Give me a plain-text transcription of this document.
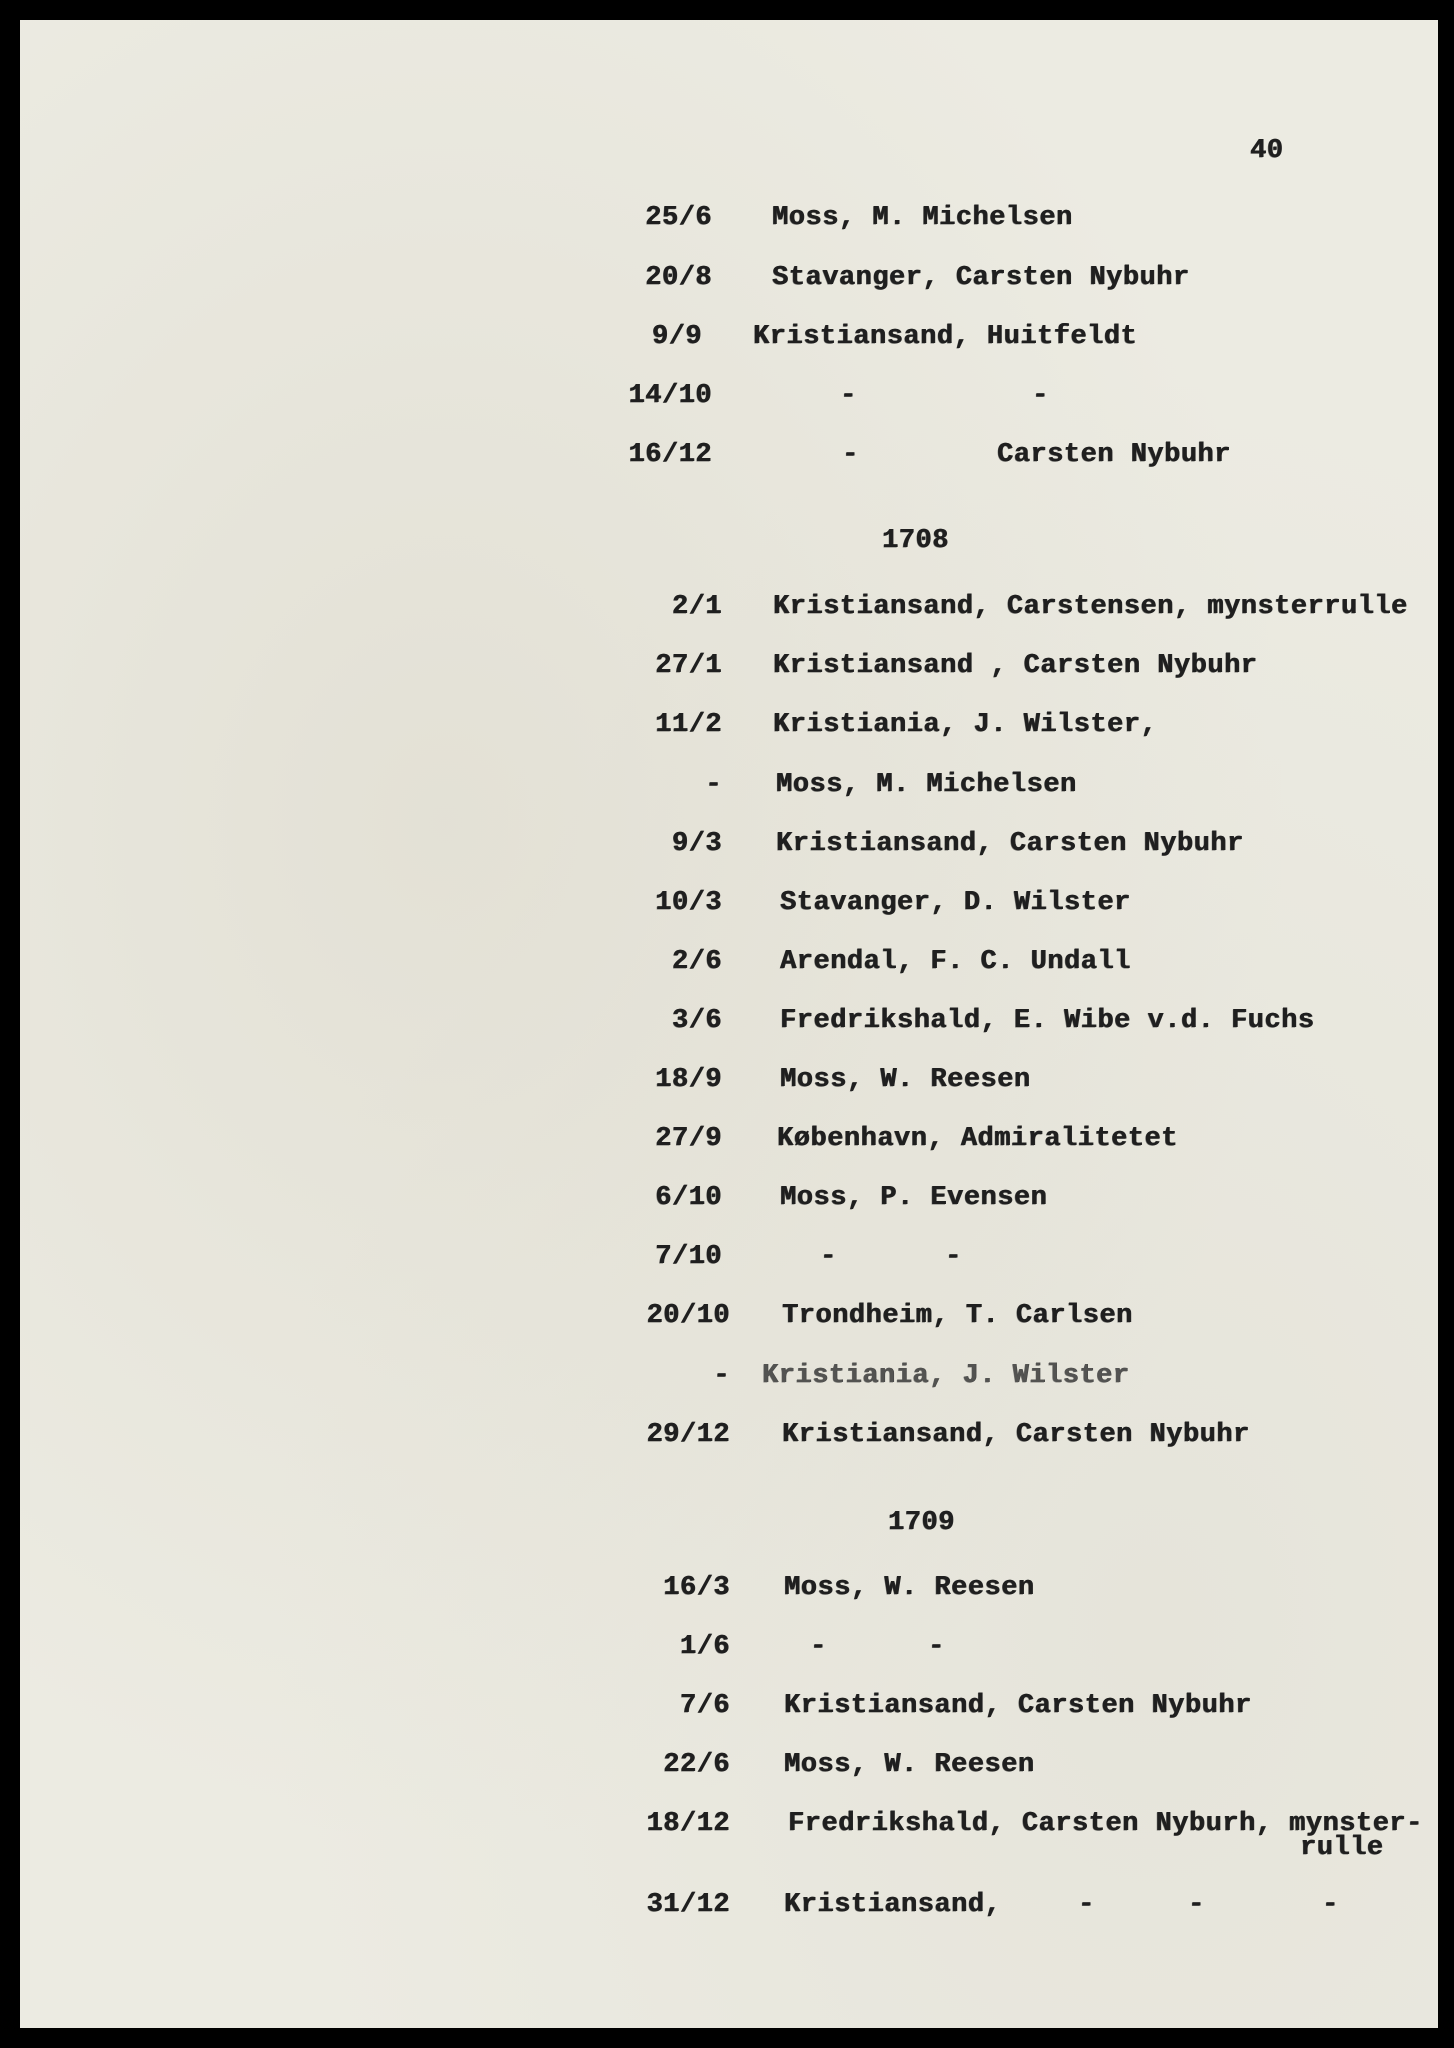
40
25/6 Moss, M. Michelsen
20/8 Stavanger, Carsten Nybuhr
9/9 Kristiansand, Huitfeldt
14/10	-	-
16/12	-	Carsten Nybuhr
1708
2/1 Kristiansand, Carstensen, mynsterrulle
27/1 Kristiansand , Carsten Nybuhr
11/2 Kristiania, J. Wilster,
- Moss, M. Michelsen
9/3 Kristiansand, Carsten Nybuhr
10/3 Stavanger, D. Wilster
2/6 Arendal, F. C. Undall
3/6 Fredrikshald, E. Wibe v.d. Fuchs
18/9 Moss, W. Reesen
27/9 København, Admiralitetet
6/10 Moss, P. Evensen
7/10	-	-
20/10 Trondheim, T. Carlsen
- Kristiania, J. Wilster
29/12 Kristiansand, Carsten Nybuhr
1709
16/3 Moss, W. Reesen
1/6	-	-
7/6 Kristiansand, Carsten Nybuhr
22/6 Moss, W. Reesen
18/12 Fredrikshald, Carsten Nyburh, mynster-
rulle
31/12 Kristiansand,	-	-	-
